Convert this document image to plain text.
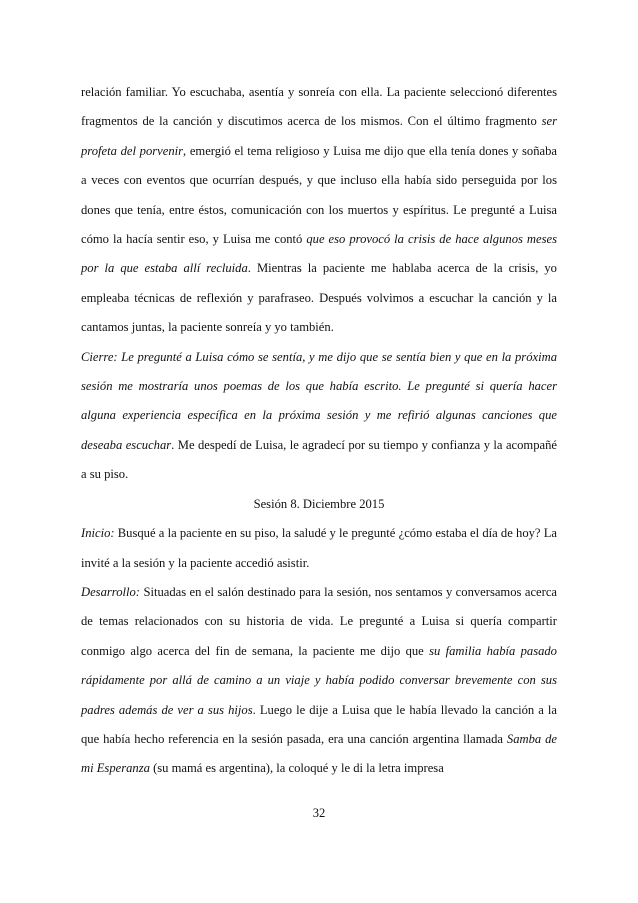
relación familiar. Yo escuchaba, asentía y sonreía con ella. La paciente seleccionó diferentes fragmentos de la canción y discutimos acerca de los mismos. Con el último fragmento ser profeta del porvenir, emergió el tema religioso y Luisa me dijo que ella tenía dones y soñaba a veces con eventos que ocurrían después, y que incluso ella había sido perseguida por los dones que tenía, entre éstos, comunicación con los muertos y espíritus. Le pregunté a Luisa cómo la hacía sentir eso, y Luisa me contó que eso provocó la crisis de hace algunos meses por la que estaba allí recluida. Mientras la paciente me hablaba acerca de la crisis, yo empleaba técnicas de reflexión y parafraseo. Después volvimos a escuchar la canción y la cantamos juntas, la paciente sonreía y yo también.

Cierre: Le pregunté a Luisa cómo se sentía, y me dijo que se sentía bien y que en la próxima sesión me mostraría unos poemas de los que había escrito. Le pregunté si quería hacer alguna experiencia específica en la próxima sesión y me refirió algunas canciones que deseaba escuchar. Me despedí de Luisa, le agradecí por su tiempo y confianza y la acompañé a su piso.

Sesión 8. Diciembre 2015

Inicio: Busqué a la paciente en su piso, la saludé y le pregunté ¿cómo estaba el día de hoy? La invité a la sesión y la paciente accedió asistir.

Desarrollo: Situadas en el salón destinado para la sesión, nos sentamos y conversamos acerca de temas relacionados con su historia de vida. Le pregunté a Luisa si quería compartir conmigo algo acerca del fin de semana, la paciente me dijo que su familia había pasado rápidamente por allá de camino a un viaje y había podido conversar brevemente con sus padres además de ver a sus hijos. Luego le dije a Luisa que le había llevado la canción a la que había hecho referencia en la sesión pasada, era una canción argentina llamada Samba de mi Esperanza (su mamá es argentina), la coloqué y le di la letra impresa

32
